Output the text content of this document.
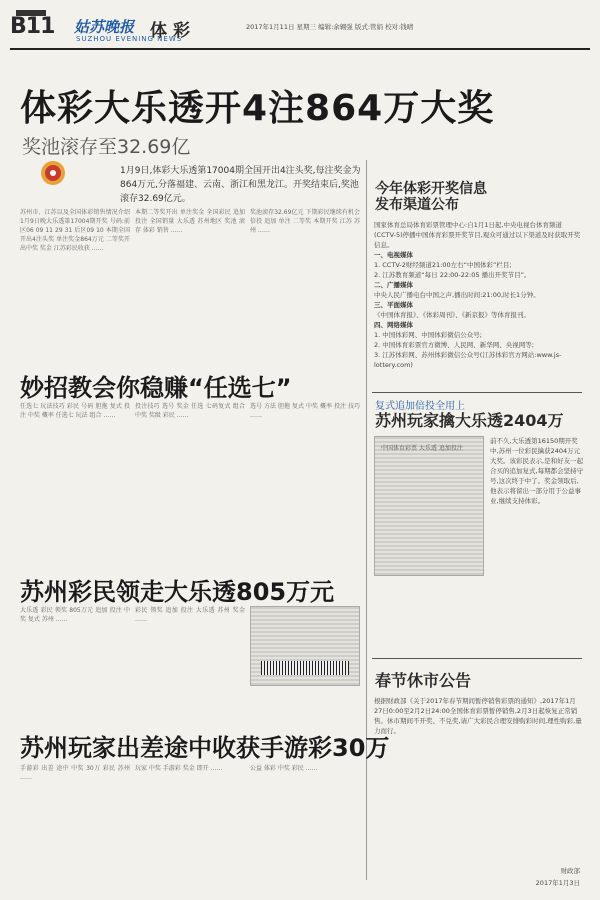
B11 姑苏晚报
SUZHOU EVENING NEWS
体彩	2017年1月11日 星期三 编辑:余翱强 版式:管娟 校对:钱晴
体彩大乐透开4注864万大奖
奖池滚存至32.69亿
1月9日,体彩大乐透第17004期全国开出4注头奖,每注奖金为864万元,分落福建、云南、浙江和黑龙江。开奖结束后,奖池滚存32.69亿元。
苏州市、江苏以及全国体彩销售情况介绍 1月9日晚大乐透第17004期开奖 号码:前区06 09 11 29 31 后区09 10 本期全国开出4注头奖 单注奖金864万元 二等奖开出中奖 奖金 江苏彩民收获 ……
本期二等奖开出 单注奖金 全国彩民 追加投注 全国销量 大乐透 苏州地区 奖池 滚存 体彩 销售 ……
奖池滚存32.69亿元 下期彩民继续有机会 倍投 追加 单注 二等奖 本期开奖 江苏 苏州 ……
今年体彩开奖信息
发布渠道公布

国家体育总局体育彩票管理中心:自1月1日起,中央电视台体育频道(CCTV-5)停播中国体育彩票开奖节目,观众可通过以下渠道及时获取开奖信息。

一、电视媒体

1. CCTV-2财经频道21:00左右“中国体彩”栏目;

2. 江苏教育频道“每日 22:00-22:05 播出开奖节目”。

二、广播媒体

中央人民广播电台中国之声,播出时间:21:00,时长1分钟。

三、平面媒体

《中国体育报》、《体彩周刊》、《新京报》等体育报刊。

四、网络媒体

1. 中国体彩网、中国体彩微信公众号;

2. 中国体育彩票官方微博、人民网、新华网、央视网等;

3. 江苏体彩网、苏州体彩微信公众号(江苏体彩官方网站:www.js-lottery.com)

妙招教会你稳赚“任选七”
任选七 玩法技巧 彩民 号码 胆拖 复式 投注 中奖 概率 任选七 玩法 组合 ……
投注技巧 选号 奖金 任选 七码复式 组合 中奖 奖级 彩民 ……
选号 方法 胆拖 复式 中奖 概率 投注 技巧 ……
复式追加倍投全用上
苏州玩家擒大乐透2404万
中国体育彩票 大乐透 追加投注
前不久,大乐透第16150期开奖中,苏州一位彩民擒获2404万元大奖。该彩民表示,是和好友一起合买的追加复式,每期都会坚持守号,这次终于中了。奖金领取后,他表示将留出一部分用于公益事业,继续支持体彩。
苏州彩民领走大乐透805万元
大乐透 彩民 领奖 805万元 追加 投注 中奖 复式 苏州 ……
彩民 领奖 追加 投注 大乐透 苏州 奖金 ……
春节休市公告
根据财政部《关于2017年春节期间暂停销售彩票的通知》,2017年1月27日0:00至2月2日24:00全国体育彩票暂停销售,2月3日起恢复正常销售。休市期间不开奖、不兑奖,请广大彩民合理安排购彩时间,理性购彩,量力而行。
财政部
2017年1月3日
苏州玩家出差途中收获手游彩30万
手游彩 出差 途中 中奖 30万 彩民 苏州 ……
玩家 中奖 手游彩 奖金 即开 ……	公益 体彩 中奖 彩民 ……
